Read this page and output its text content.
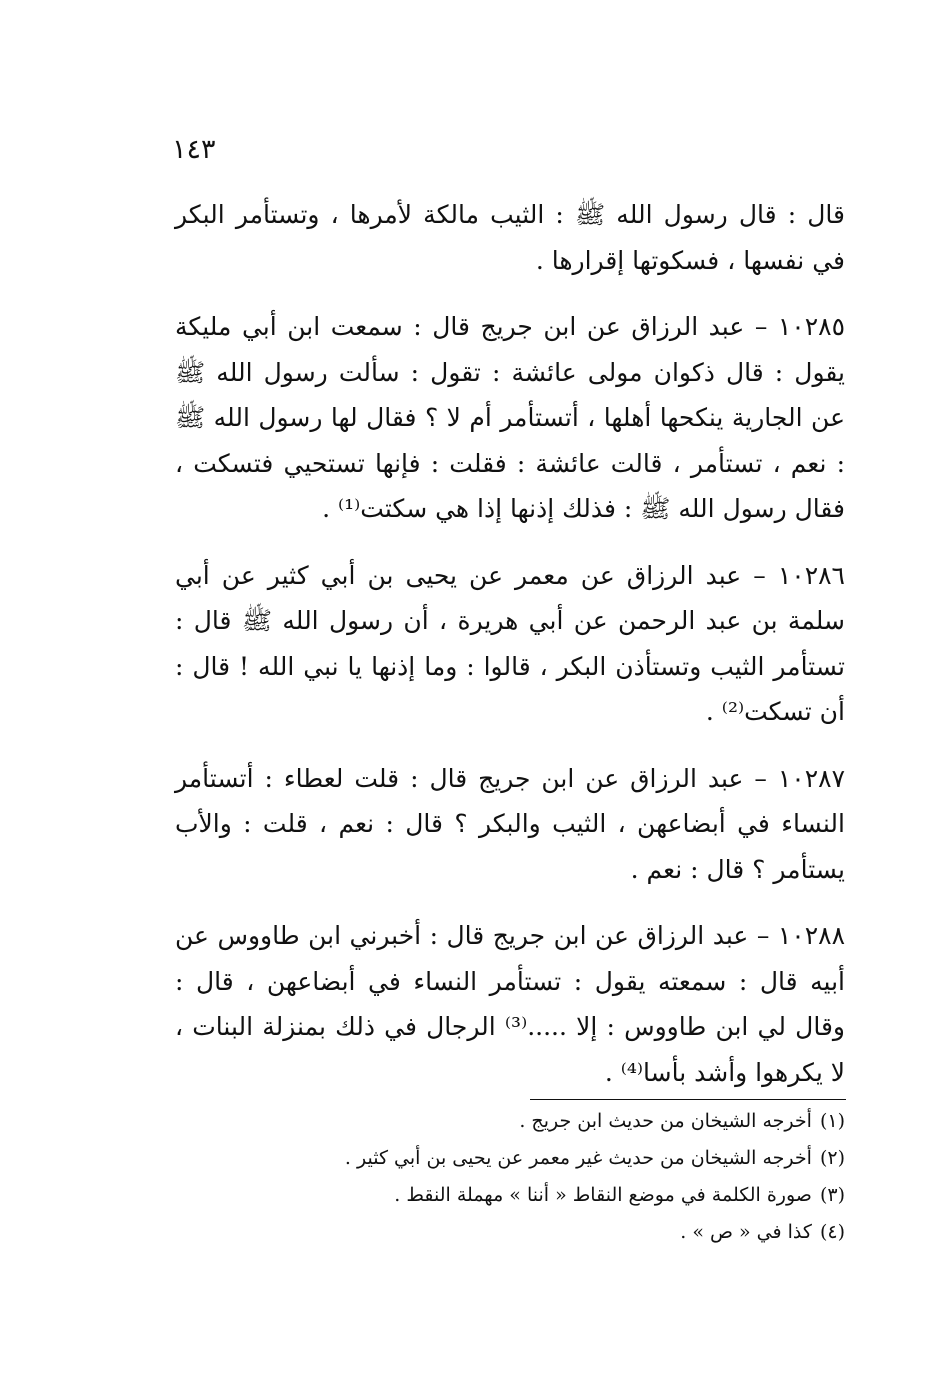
١٤٣

قال : قال رسول الله ﷺ : الثيب مالكة لأمرها ، وتستأمر البكر في نفسها ، فسكوتها إقرارها .

١٠٢٨٥ – عبد الرزاق عن ابن جريج قال : سمعت ابن أبي مليكة يقول : قال ذكوان مولى عائشة : تقول : سألت رسول الله ﷺ عن الجارية ينكحها أهلها ، أتستأمر أم لا ؟ فقال لها رسول الله ﷺ : نعم ، تستأمر ، قالت عائشة : فقلت : فإنها تستحيي فتسكت ، فقال رسول الله ﷺ : فذلك إذنها إذا هي سكتت⁽¹⁾ .

١٠٢٨٦ – عبد الرزاق عن معمر عن يحيى بن أبي كثير عن أبي سلمة بن عبد الرحمن عن أبي هريرة ، أن رسول الله ﷺ قال : تستأمر الثيب وتستأذن البكر ، قالوا : وما إذنها يا نبي الله ! قال : أن تسكت⁽²⁾ .

١٠٢٨٧ – عبد الرزاق عن ابن جريج قال : قلت لعطاء : أتستأمر النساء في أبضاعهن ، الثيب والبكر ؟ قال : نعم ، قلت : والأب يستأمر ؟ قال : نعم .

١٠٢٨٨ – عبد الرزاق عن ابن جريج قال : أخبرني ابن طاووس عن أبيه قال : سمعته يقول : تستأمر النساء في أبضاعهن ، قال : وقال لي ابن طاووس : إلا .....⁽³⁾ الرجال في ذلك بمنزلة البنات ، لا يكرهوا وأشد بأسا⁽⁴⁾ .

(١)أخرجه الشيخان من حديث ابن جريج .

(٢)أخرجه الشيخان من حديث غير معمر عن يحيى بن أبي كثير .

(٣)صورة الكلمة في موضع النقاط « أننا » مهملة النقط .

(٤)كذا في « ص » .
